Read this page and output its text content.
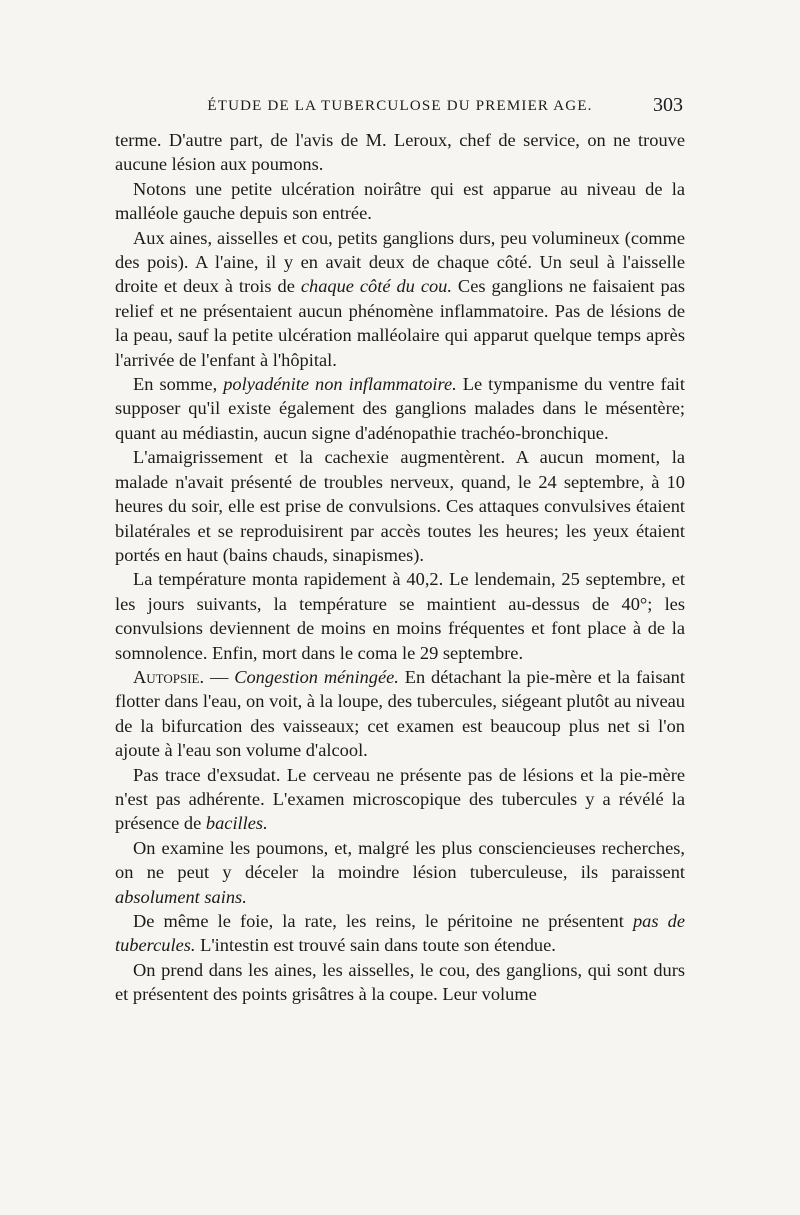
ÉTUDE DE LA TUBERCULOSE DU PREMIER AGE.	303

terme. D'autre part, de l'avis de M. Leroux, chef de service, on ne trouve aucune lésion aux poumons.

Notons une petite ulcération noirâtre qui est apparue au niveau de la malléole gauche depuis son entrée.

Aux aines, aisselles et cou, petits ganglions durs, peu volumineux (comme des pois). A l'aine, il y en avait deux de chaque côté. Un seul à l'aisselle droite et deux à trois de chaque côté du cou. Ces ganglions ne faisaient pas relief et ne présentaient aucun phénomène inflammatoire. Pas de lésions de la peau, sauf la petite ulcération malléolaire qui apparut quelque temps après l'arrivée de l'enfant à l'hôpital.

En somme, polyadénite non inflammatoire. Le tympanisme du ventre fait supposer qu'il existe également des ganglions malades dans le mésentère; quant au médiastin, aucun signe d'adénopathie trachéo-bronchique.

L'amaigrissement et la cachexie augmentèrent. A aucun moment, la malade n'avait présenté de troubles nerveux, quand, le 24 septembre, à 10 heures du soir, elle est prise de convulsions. Ces attaques convulsives étaient bilatérales et se reproduisirent par accès toutes les heures; les yeux étaient portés en haut (bains chauds, sinapismes).

La température monta rapidement à 40,2. Le lendemain, 25 septembre, et les jours suivants, la température se maintient au-dessus de 40°; les convulsions deviennent de moins en moins fréquentes et font place à de la somnolence. Enfin, mort dans le coma le 29 septembre.

Autopsie. — Congestion méningée. En détachant la pie-mère et la faisant flotter dans l'eau, on voit, à la loupe, des tubercules, siégeant plutôt au niveau de la bifurcation des vaisseaux; cet examen est beaucoup plus net si l'on ajoute à l'eau son volume d'alcool.

Pas trace d'exsudat. Le cerveau ne présente pas de lésions et la pie-mère n'est pas adhérente. L'examen microscopique des tubercules y a révélé la présence de bacilles.

On examine les poumons, et, malgré les plus consciencieuses recherches, on ne peut y déceler la moindre lésion tuberculeuse, ils paraissent absolument sains.

De même le foie, la rate, les reins, le péritoine ne présentent pas de tubercules. L'intestin est trouvé sain dans toute son étendue.

On prend dans les aines, les aisselles, le cou, des ganglions, qui sont durs et présentent des points grisâtres à la coupe. Leur volume
